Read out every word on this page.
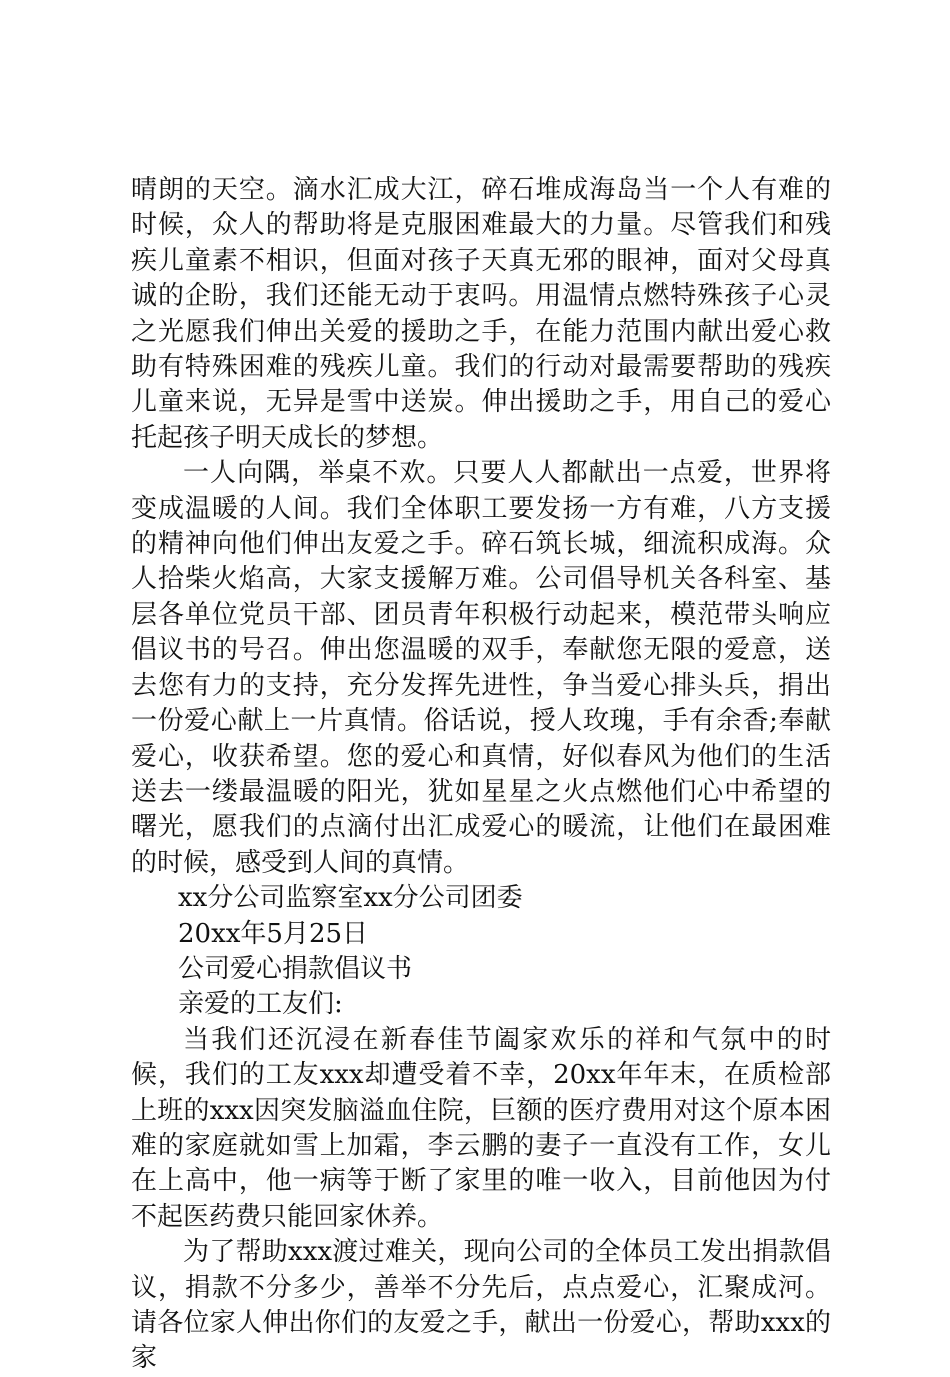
晴朗的天空。滴水汇成大江，碎石堆成海岛当一个人有难的时候，众人的帮助将是克服困难最大的力量。尽管我们和残疾儿童素不相识，但面对孩子天真无邪的眼神，面对父母真诚的企盼，我们还能无动于衷吗。用温情点燃特殊孩子心灵之光愿我们伸出关爱的援助之手，在能力范围内献出爱心救助有特殊困难的残疾儿童。我们的行动对最需要帮助的残疾儿童来说，无异是雪中送炭。伸出援助之手，用自己的爱心托起孩子明天成长的梦想。

一人向隅，举桌不欢。只要人人都献出一点爱，世界将变成温暖的人间。我们全体职工要发扬一方有难，八方支援的精神向他们伸出友爱之手。碎石筑长城，细流积成海。众人拾柴火焰高，大家支援解万难。公司倡导机关各科室、基层各单位党员干部、团员青年积极行动起来，模范带头响应倡议书的号召。伸出您温暖的双手，奉献您无限的爱意，送去您有力的支持，充分发挥先进性，争当爱心排头兵，捐出一份爱心献上一片真情。俗话说，授人玫瑰，手有余香;奉献爱心，收获希望。您的爱心和真情，好似春风为他们的生活送去一缕最温暖的阳光，犹如星星之火点燃他们心中希望的曙光，愿我们的点滴付出汇成爱心的暖流，让他们在最困难的时候，感受到人间的真情。

xx分公司监察室xx分公司团委

20xx年5月25日

公司爱心捐款倡议书

亲爱的工友们:

当我们还沉浸在新春佳节阖家欢乐的祥和气氛中的时候，我们的工友xxx却遭受着不幸，20xx年年末，在质检部上班的xxx因突发脑溢血住院，巨额的医疗费用对这个原本困难的家庭就如雪上加霜，李云鹏的妻子一直没有工作，女儿在上高中，他一病等于断了家里的唯一收入，目前他因为付不起医药费只能回家休养。

为了帮助xxx渡过难关，现向公司的全体员工发出捐款倡议，捐款不分多少，善举不分先后，点点爱心，汇聚成河。请各位家人伸出你们的友爱之手，献出一份爱心，帮助xxx的家
